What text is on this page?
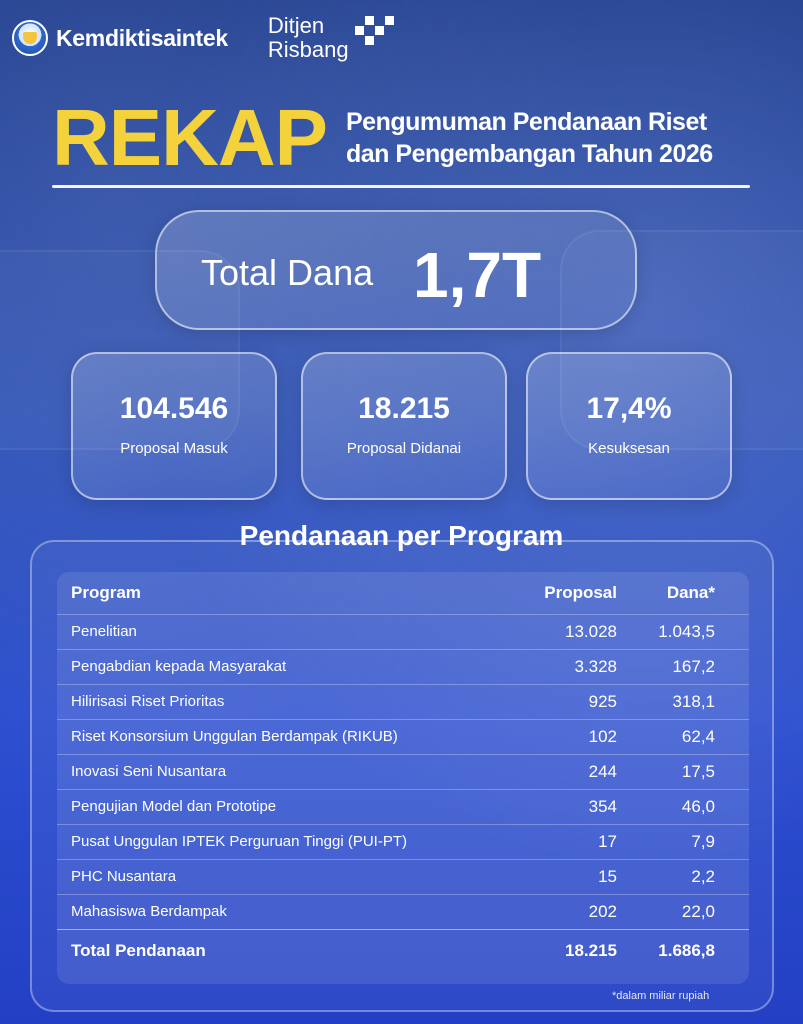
Kemdiktisaintek Ditjen
Risbang
REKAP Pengumuman Pendanaan Riset
dan Pengembangan Tahun 2026
Total Dana 1,7T
104.546
Proposal Masuk
18.215
Proposal Didanai
17,4%
Kesuksesan
Pendanaan per Program
Program	Proposal	Dana*
Penelitian	13.028	1.043,5
Pengabdian kepada Masyarakat	3.328	167,2
Hilirisasi Riset Prioritas	925	318,1
Riset Konsorsium Unggulan Berdampak (RIKUB)	102	62,4
Inovasi Seni Nusantara	244	17,5
Pengujian Model dan Prototipe	354	46,0
Pusat Unggulan IPTEK Perguruan Tinggi (PUI-PT)	17	7,9
PHC Nusantara	15	2,2
Mahasiswa Berdampak	202	22,0
Total Pendanaan	18.215	1.686,8
*dalam miliar rupiah
